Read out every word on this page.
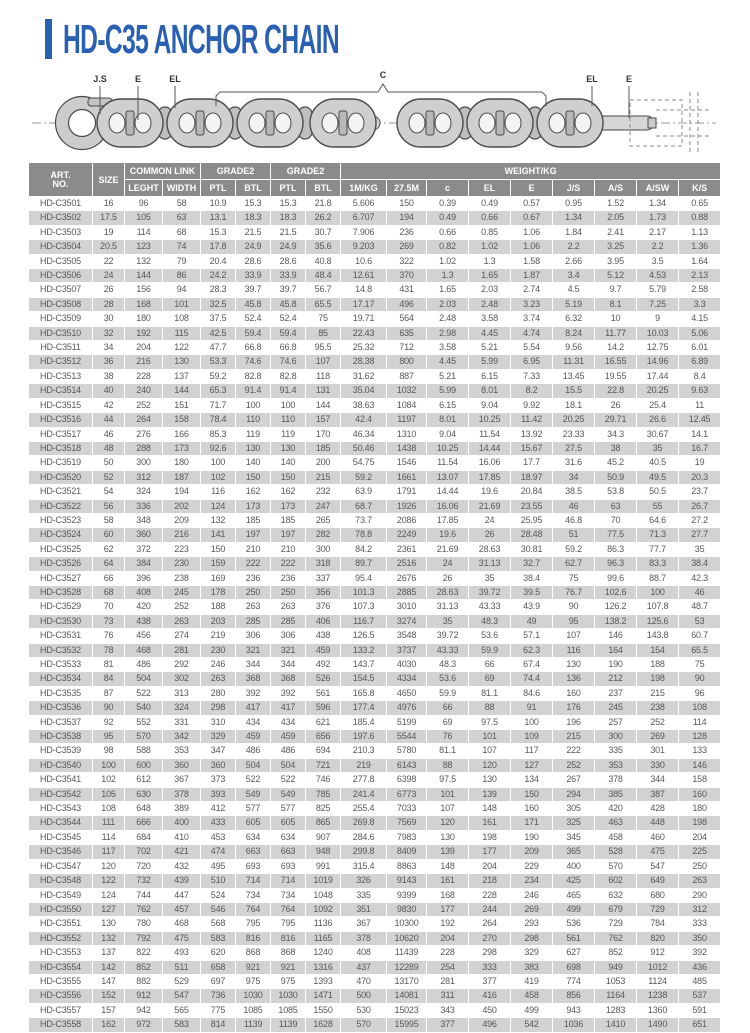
HD-C35 ANCHOR CHAIN
J.S	E	EL	C	EL	E
ART.
NO.	SIZE	COMMON LINK		GRADE2		GRADE2		WEIGHT/KG								
		LEGHT	WIDTH	PTL	BTL	PTL	BTL	1M/KG	27.5M	c	EL	E	J/S	A/S	A/SW	K/S
HD-C3501	16	96	58	10.9	15.3	15.3	21.8	5.606	150	0.39	0.49	0.57	0.95	1.52	1.34	0.65
HD-C3502	17.5	105	63	13.1	18.3	18.3	26.2	6.707	194	0.49	0.66	0.67	1.34	2.05	1.73	0.88
HD-C3503	19	114	68	15.3	21.5	21.5	30.7	7.906	236	0.66	0.85	1.06	1.84	2.41	2.17	1.13
HD-C3504	20.5	123	74	17.8	24.9	24.9	35.6	9.203	269	0.82	1.02	1.06	2.2	3.25	2.2	1.36
HD-C3505	22	132	79	20.4	28.6	28.6	40.8	10.6	322	1.02	1.3	1.58	2.66	3.95	3.5	1.64
HD-C3506	24	144	86	24.2	33.9	33.9	48.4	12.61	370	1.3	1.65	1.87	3.4	5.12	4.53	2.13
HD-C3507	26	156	94	28.3	39.7	39.7	56.7	14.8	431	1.65	2.03	2.74	4.5	9.7	5.79	2.58
HD-C3508	28	168	101	32.5	45.8	45.8	65.5	17.17	496	2.03	2.48	3.23	5.19	8.1	7.25	3.3
HD-C3509	30	180	108	37.5	52.4	52.4	75	19.71	564	2.48	3.58	3.74	6.32	10	9	4.15
HD-C3510	32	192	115	42.5	59.4	59.4	85	22.43	635	2.98	4.45	4.74	8.24	11.77	10.03	5.06
HD-C3511	34	204	122	47.7	66.8	66.8	95.5	25.32	712	3.58	5.21	5.54	9.56	14.2	12.75	6.01
HD-C3512	36	216	130	53.3	74.6	74.6	107	28.38	800	4.45	5.99	6.95	11.31	16.55	14.96	6.89
HD-C3513	38	228	137	59.2	82.8	82.8	118	31.62	887	5.21	6.15	7.33	13.45	19.55	17.44	8.4
HD-C3514	40	240	144	65.3	91.4	91.4	131	35.04	1032	5.99	8.01	8.2	15.5	22.8	20.25	9.63
HD-C3515	42	252	151	71.7	100	100	144	38.63	1084	6.15	9.04	9.92	18.1	26	25.4	11
HD-C3516	44	264	158	78.4	110	110	157	42.4	1197	8.01	10.25	11.42	20.25	29.71	26.6	12.45
HD-C3517	46	276	166	85.3	119	119	170	46.34	1310	9.04	11.54	13.92	23.33	34.3	30.67	14.1
HD-C3518	48	288	173	92.6	130	130	185	50.46	1438	10.25	14.44	15.67	27.5	38	35	16.7
HD-C3519	50	300	180	100	140	140	200	54.75	1546	11.54	16.06	17.7	31.6	45.2	40.5	19
HD-C3520	52	312	187	102	150	150	215	59.2	1661	13.07	17.85	18.97	34	50.9	49.5	20.3
HD-C3521	54	324	194	116	162	162	232	63.9	1791	14.44	19.6	20.84	38.5	53.8	50.5	23.7
HD-C3522	56	336	202	124	173	173	247	68.7	1926	16.06	21.69	23.55	46	63	55	26.7
HD-C3523	58	348	209	132	185	185	265	73.7	2086	17.85	24	25.95	46.8	70	64.6	27.2
HD-C3524	60	360	216	141	197	197	282	78.8	2249	19.6	26	28.48	51	77.5	71.3	27.7
HD-C3525	62	372	223	150	210	210	300	84.2	2361	21.69	28.63	30.81	59.2	86.3	77.7	35
HD-C3526	64	384	230	159	222	222	318	89.7	2516	24	31.13	32.7	62.7	96.3	83.3	38.4
HD-C3527	66	396	238	169	236	236	337	95.4	2676	26	35	38.4	75	99.6	88.7	42.3
HD-C3528	68	408	245	178	250	250	356	101.3	2885	28.63	39.72	39.5	76.7	102.6	100	46
HD-C3529	70	420	252	188	263	263	376	107.3	3010	31.13	43.33	43.9	90	126.2	107.8	48.7
HD-C3530	73	438	263	203	285	285	406	116.7	3274	35	48.3	49	95	138.2	125.6	53
HD-C3531	76	456	274	219	306	306	438	126.5	3548	39.72	53.6	57.1	107	146	143.8	60.7
HD-C3532	78	468	281	230	321	321	459	133.2	3737	43.33	59.9	62.3	116	164	154	65.5
HD-C3533	81	486	292	246	344	344	492	143.7	4030	48.3	66	67.4	130	190	188	75
HD-C3534	84	504	302	263	368	368	526	154.5	4334	53.6	69	74.4	136	212	198	90
HD-C3535	87	522	313	280	392	392	561	165.8	4650	59.9	81.1	84.6	160	237	215	96
HD-C3536	90	540	324	298	417	417	596	177.4	4976	66	88	91	176	245	238	108
HD-C3537	92	552	331	310	434	434	621	185.4	5199	69	97.5	100	196	257	252	114
HD-C3538	95	570	342	329	459	459	656	197.6	5544	76	101	109	215	300	269	128
HD-C3539	98	588	353	347	486	486	694	210.3	5780	81.1	107	117	222	335	301	133
HD-C3540	100	600	360	360	504	504	721	219	6143	88	120	127	252	353	330	146
HD-C3541	102	612	367	373	522	522	746	277.8	6398	97.5	130	134	267	378	344	158
HD-C3542	105	630	378	393	549	549	785	241.4	6773	101	139	150	294	385	387	160
HD-C3543	108	648	389	412	577	577	825	255.4	7033	107	148	160	305	420	428	180
HD-C3544	111	666	400	433	605	605	865	269.8	7569	120	161	171	325	463	448	198
HD-C3545	114	684	410	453	634	634	907	284.6	7983	130	198	190	345	458	460	204
HD-C3546	117	702	421	474	663	663	948	299.8	8409	139	177	209	365	528	475	225
HD-C3547	120	720	432	495	693	693	991	315.4	8863	148	204	229	400	570	547	250
HD-C3548	122	732	439	510	714	714	1019	326	9143	161	218	234	425	602	649	263
HD-C3549	124	744	447	524	734	734	1048	335	9399	168	228	246	465	632	680	290
HD-C3550	127	762	457	546	764	764	1092	351	9830	177	244	269	499	679	729	312
HD-C3551	130	780	468	568	795	795	1136	367	10300	192	264	293	536	729	784	333
HD-C3552	132	792	475	583	816	816	1165	378	10620	204	270	298	561	762	820	350
HD-C3553	137	822	493	620	868	868	1240	408	11439	228	298	329	627	852	912	392
HD-C3554	142	852	511	658	921	921	1316	437	12289	254	333	383	698	949	1012	436
HD-C3555	147	882	529	697	975	975	1393	470	13170	281	377	419	774	1053	1124	485
HD-C3556	152	912	547	736	1030	1030	1471	500	14081	311	416	458	856	1164	1238	537
HD-C3557	157	942	565	775	1085	1085	1550	530	15023	343	450	499	943	1283	1360	591
HD-C3558	162	972	583	814	1139	1139	1628	570	15995	377	496	542	1036	1410	1490	651
